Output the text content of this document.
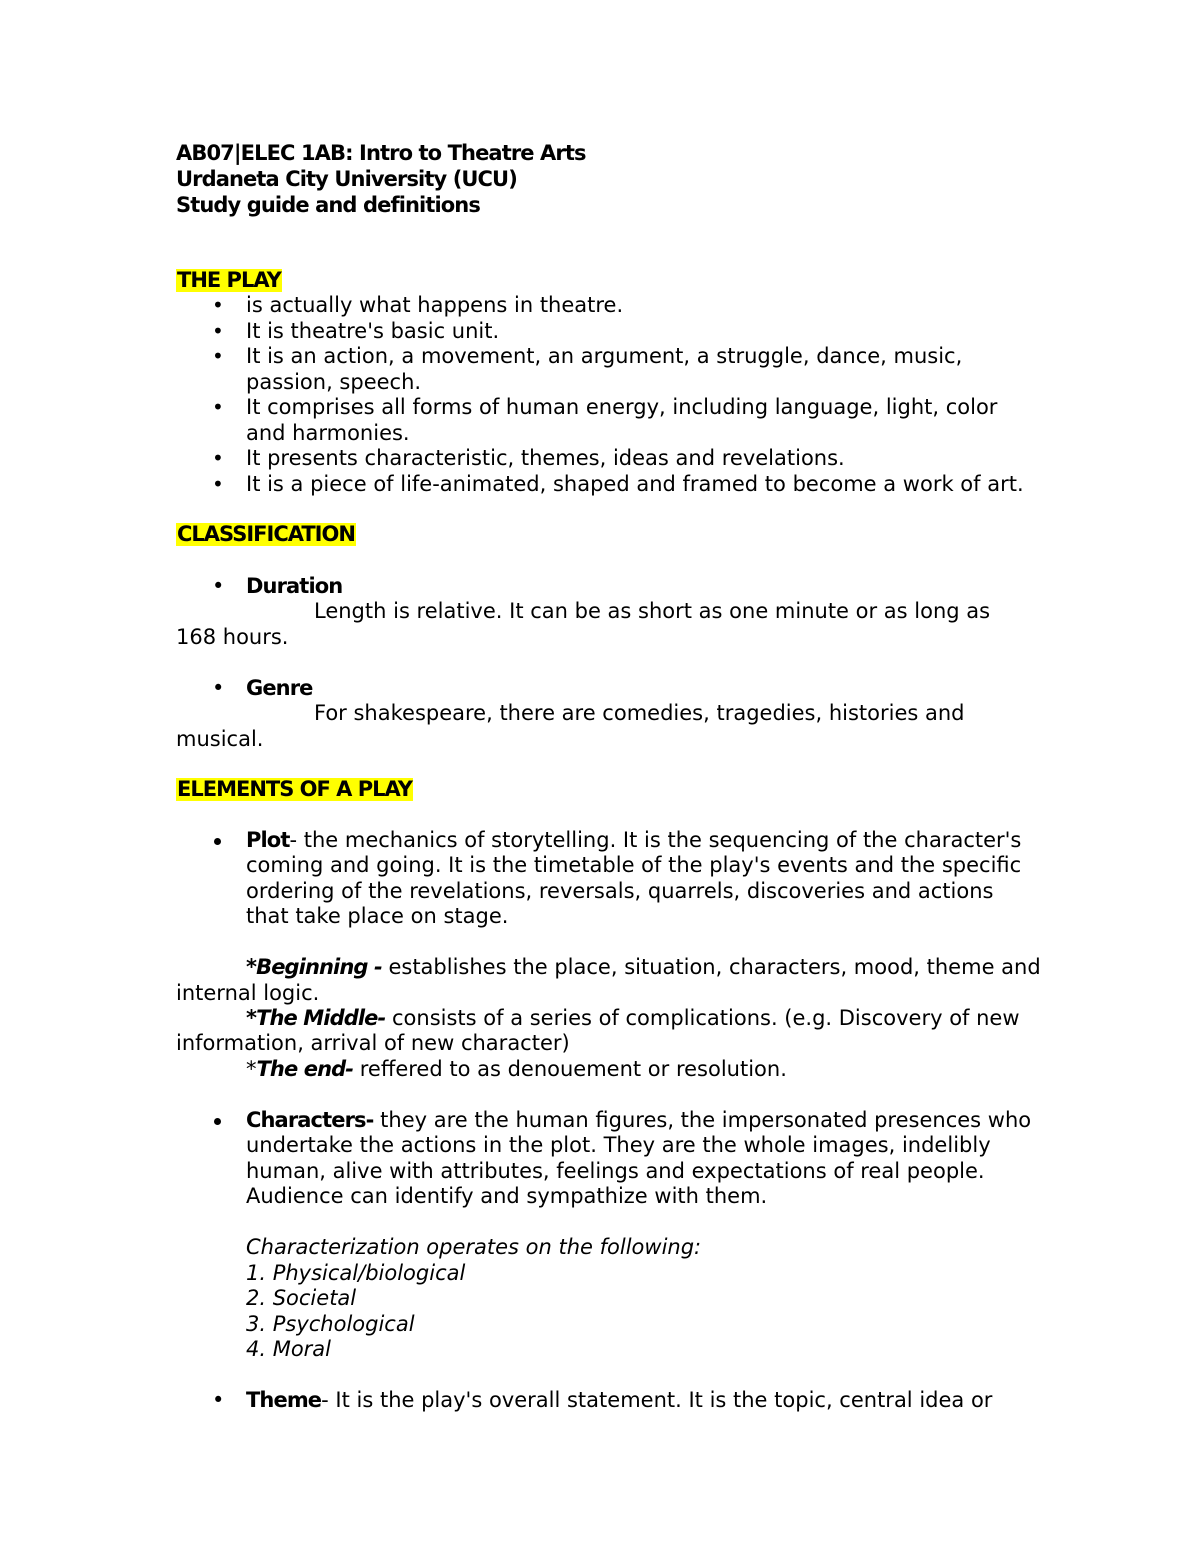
AB07|ELEC 1AB: Intro to Theatre Arts
Urdaneta City University (UCU)
Study guide and definitions
THE PLAY
• is actually what happens in theatre.
• It is theatre's basic unit.
• It is an action, a movement, an argument, a struggle, dance, music, passion, speech.
• It comprises all forms of human energy, including language, light, color and harmonies.
• It presents characteristic, themes, ideas and revelations.
• It is a piece of life-animated, shaped and framed to become a work of art.
CLASSIFICATION
• Duration
Length is relative. It can be as short as one minute or as long as
168 hours.
• Genre
For shakespeare, there are comedies, tragedies, histories and
musical.
ELEMENTS OF A PLAY
Plot- the mechanics of storytelling. It is the sequencing of the character's
coming and going. It is the timetable of the play's events and the specific
ordering of the revelations, reversals, quarrels, discoveries and actions
that take place on stage.
*Beginning - establishes the place, situation, characters, mood, theme and
internal logic.
*The Middle- consists of a series of complications. (e.g. Discovery of new
information, arrival of new character)
*The end- reffered to as denouement or resolution.
Characters- they are the human figures, the impersonated presences who
undertake the actions in the plot. They are the whole images, indelibly
human, alive with attributes, feelings and expectations of real people.
Audience can identify and sympathize with them.
Characterization operates on the following:
1. Physical/biological
2. Societal
3. Psychological
4. Moral
• Theme- It is the play's overall statement. It is the topic, central idea or
